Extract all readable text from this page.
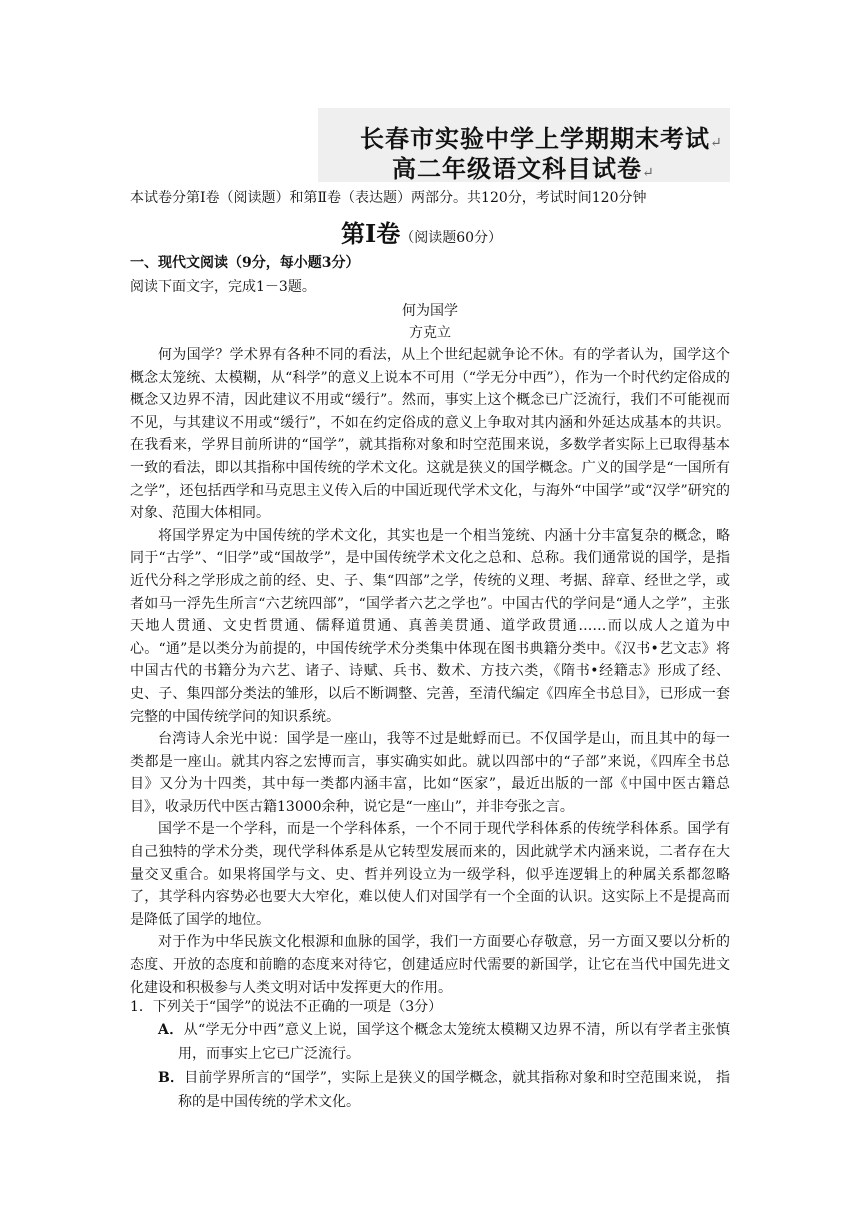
长春市实验中学上学期期末考试↵
高二年级语文科目试卷↵
本试卷分第Ⅰ卷（阅读题）和第Ⅱ卷（表达题）两部分。共120分，考试时间120分钟
第Ⅰ卷（阅读题60分）
一、现代文阅读（9分，每小题3分）
阅读下面文字，完成1－3题。
何为国学
方克立

何为国学？学术界有各种不同的看法，从上个世纪起就争论不休。有的学者认为，国学这个概念太笼统、太模糊，从“科学”的意义上说本不可用（“学无分中西”），作为一个时代约定俗成的概念又边界不清，因此建议不用或“缓行”。然而，事实上这个概念已广泛流行，我们不可能视而不见，与其建议不用或“缓行”，不如在约定俗成的意义上争取对其内涵和外延达成基本的共识。在我看来，学界目前所讲的“国学”，就其指称对象和时空范围来说，多数学者实际上已取得基本一致的看法，即以其指称中国传统的学术文化。这就是狭义的国学概念。广义的国学是“一国所有之学”，还包括西学和马克思主义传入后的中国近现代学术文化，与海外“中国学”或“汉学”研究的对象、范围大体相同。

将国学界定为中国传统的学术文化，其实也是一个相当笼统、内涵十分丰富复杂的概念，略同于“古学”、“旧学”或“国故学”，是中国传统学术文化之总和、总称。我们通常说的国学，是指近代分科之学形成之前的经、史、子、集“四部”之学，传统的义理、考据、辞章、经世之学，或者如马一浮先生所言“六艺统四部”，“国学者六艺之学也”。中国古代的学问是“通人之学”，主张天地人贯通、文史哲贯通、儒释道贯通、真善美贯通、道学政贯通……而以成人之道为中心。“通”是以类分为前提的，中国传统学术分类集中体现在图书典籍分类中。《汉书•艺文志》将中国古代的书籍分为六艺、诸子、诗赋、兵书、数术、方技六类，《隋书•经籍志》形成了经、史、子、集四部分类法的雏形，以后不断调整、完善，至清代编定《四库全书总目》，已形成一套完整的中国传统学问的知识系统。

台湾诗人余光中说：国学是一座山，我等不过是蚍蜉而已。不仅国学是山，而且其中的每一类都是一座山。就其内容之宏博而言，事实确实如此。就以四部中的“子部”来说，《四库全书总目》又分为十四类，其中每一类都内涵丰富，比如“医家”，最近出版的一部《中国中医古籍总目》，收录历代中医古籍13000余种，说它是“一座山”，并非夸张之言。

国学不是一个学科，而是一个学科体系，一个不同于现代学科体系的传统学科体系。国学有自己独特的学术分类，现代学科体系是从它转型发展而来的，因此就学术内涵来说，二者存在大量交叉重合。如果将国学与文、史、哲并列设立为一级学科，似乎连逻辑上的种属关系都忽略了，其学科内容势必也要大大窄化，难以使人们对国学有一个全面的认识。这实际上不是提高而是降低了国学的地位。

对于作为中华民族文化根源和血脉的国学，我们一方面要心存敬意，另一方面又要以分析的态度、开放的态度和前瞻的态度来对待它，创建适应时代需要的新国学，让它在当代中国先进文化建设和积极参与人类文明对话中发挥更大的作用。

1．下列关于“国学”的说法不正确的一项是（3分）
A．从“学无分中西”意义上说，国学这个概念太笼统太模糊又边界不清，所以有学者主张慎用，而事实上它已广泛流行。
B．目前学界所言的“国学”，实际上是狭义的国学概念，就其指称对象和时空范围来说， 指称的是中国传统的学术文化。
